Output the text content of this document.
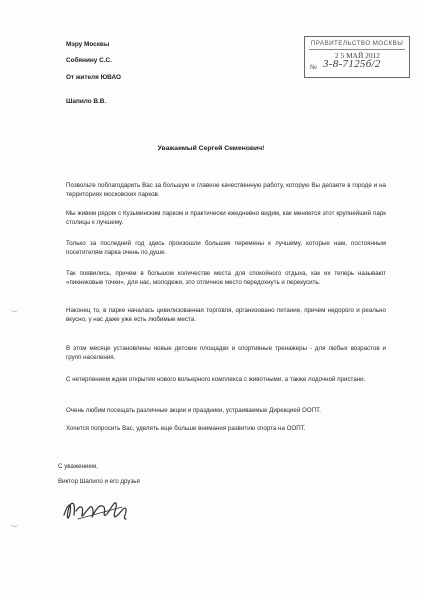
Мэру Москвы
Собянину С.С.
От жителя ЮВАО
Шапило В.В.
ПРАВИТЕЛЬСТВО МОСКВЫ
2 5 МАЙ 2012
№ 3-8-7125б/2
Уважаемый Сергей Семенович!
Позвольте поблагодарить Вас за большую и главное качественную работу, которую Вы делаете в городе и на территориях московских парков.
Мы живем рядом с Кузьминским парком и практически ежедневно видим, как меняется этот крупнейший парк столицы к лучшему.
Только за последний год здесь произошли большие перемены к лучшему, которые нам, постоянным посетителям парка очень по душе.
Так появились, причем в большом количестве места для спокойного отдыха, как их теперь называют «пикниковые точки», для нас, молодежи, это отличное место передохнуть и перекусить.
Наконец то, в парке началась цивилизованная торговля, организовано питание, причем недорого и реально вкусно, у нас даже уже есть любимые места.
В этом месяце установлены новые детские площадки и спортивные тренажеры - для любых возрастов и групп населения.
С нетерпением ждем открытия нового вольерного комплекса с животными, а также лодочной пристани.
Очень любим посещать различные акции и праздники, устраиваемые Дирекцией ООПТ.
Хочется попросить Вас, уделять еще больше внимания развитию спорта на ООПТ.
С уважением,
Виктор Шапило и его друзья
